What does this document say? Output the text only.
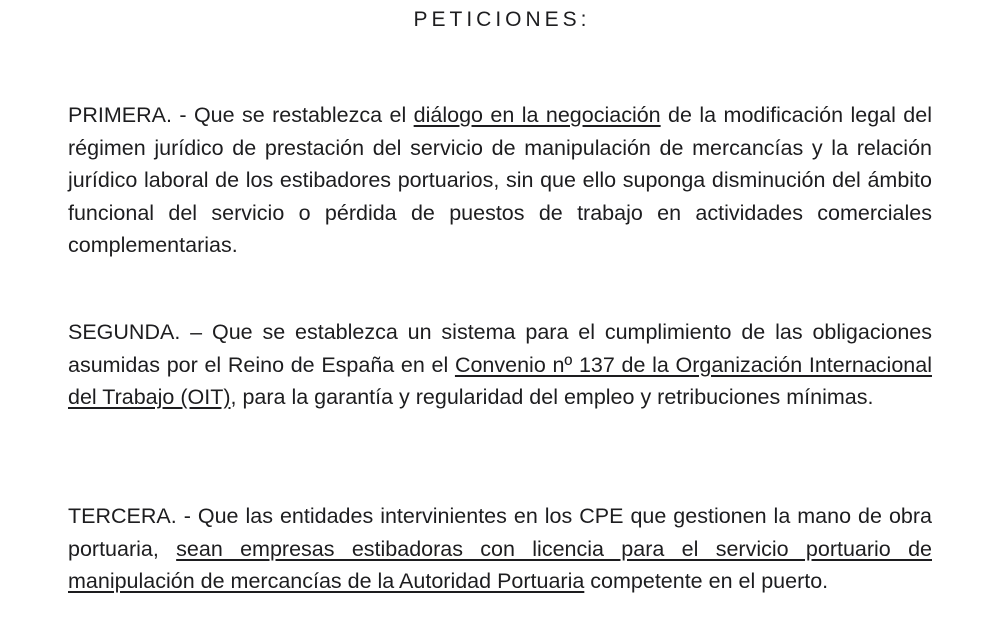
PETICIONES:

PRIMERA. - Que se restablezca el diálogo en la negociación de la modificación legal del régimen jurídico de prestación del servicio de manipulación de mercancías y la relación jurídico laboral de los estibadores portuarios, sin que ello suponga disminución del ámbito funcional del servicio o pérdida de puestos de trabajo en actividades comerciales complementarias.

SEGUNDA. – Que se establezca un sistema para el cumplimiento de las obligaciones asumidas por el Reino de España en el Convenio nº 137 de la Organización Internacional del Trabajo (OIT), para la garantía y regularidad del empleo y retribuciones mínimas.

TERCERA. - Que las entidades intervinientes en los CPE que gestionen la mano de obra portuaria, sean empresas estibadoras con licencia para el servicio portuario de manipulación de mercancías de la Autoridad Portuaria competente en el puerto.
